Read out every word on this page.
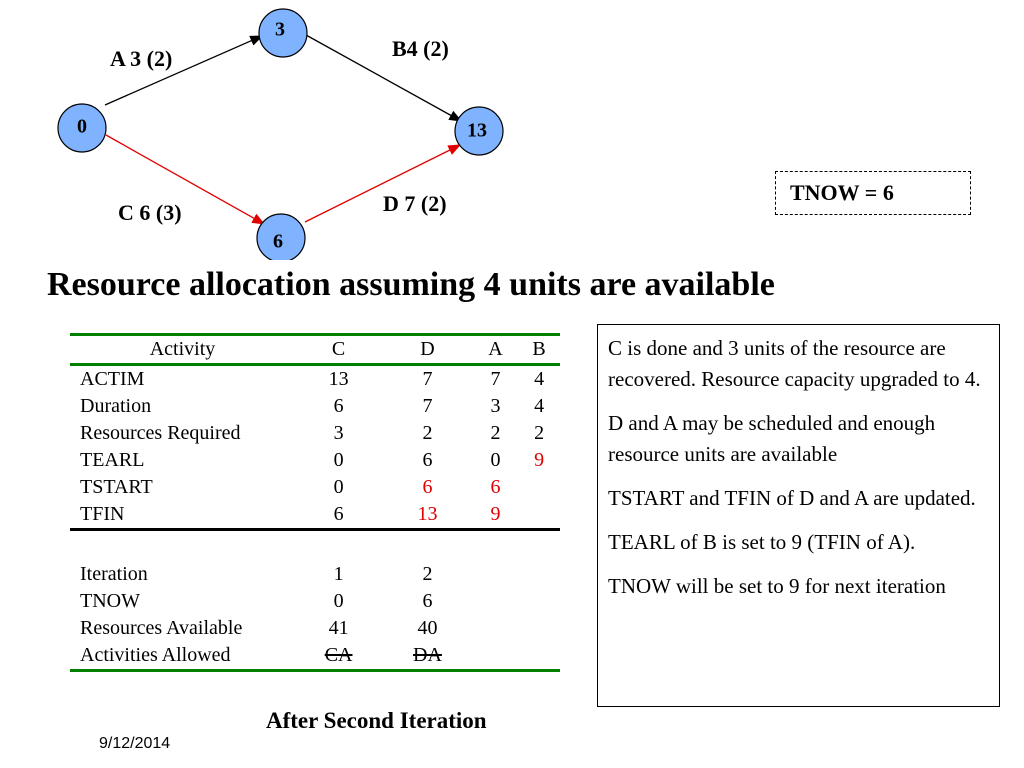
0
3
13
6
A 3 (2)	B4 (2)
C 6 (3)	D 7 (2)	TNOW = 6
Resource allocation assuming 4 units are available
Activity	C	D	A	B
ACTIM	13	7	7	4
Duration	6	7	3	4
Resources Required	3	2	2	2
TEARL	0	6	0	9
TSTART	0	6	6	
TFIN	6	13	9	

Iteration	1	2		
TNOW	0	6		
Resources Available	41	40		
Activities Allowed	CA	DA		

C is done and 3 units of the resource are recovered. Resource capacity upgraded to 4.

D and A may be scheduled and enough resource units are available

TSTART and TFIN of D and A are updated.

TEARL of B is set to 9 (TFIN of A).

TNOW will be set to 9 for next iteration

After Second Iteration
9/12/2014
